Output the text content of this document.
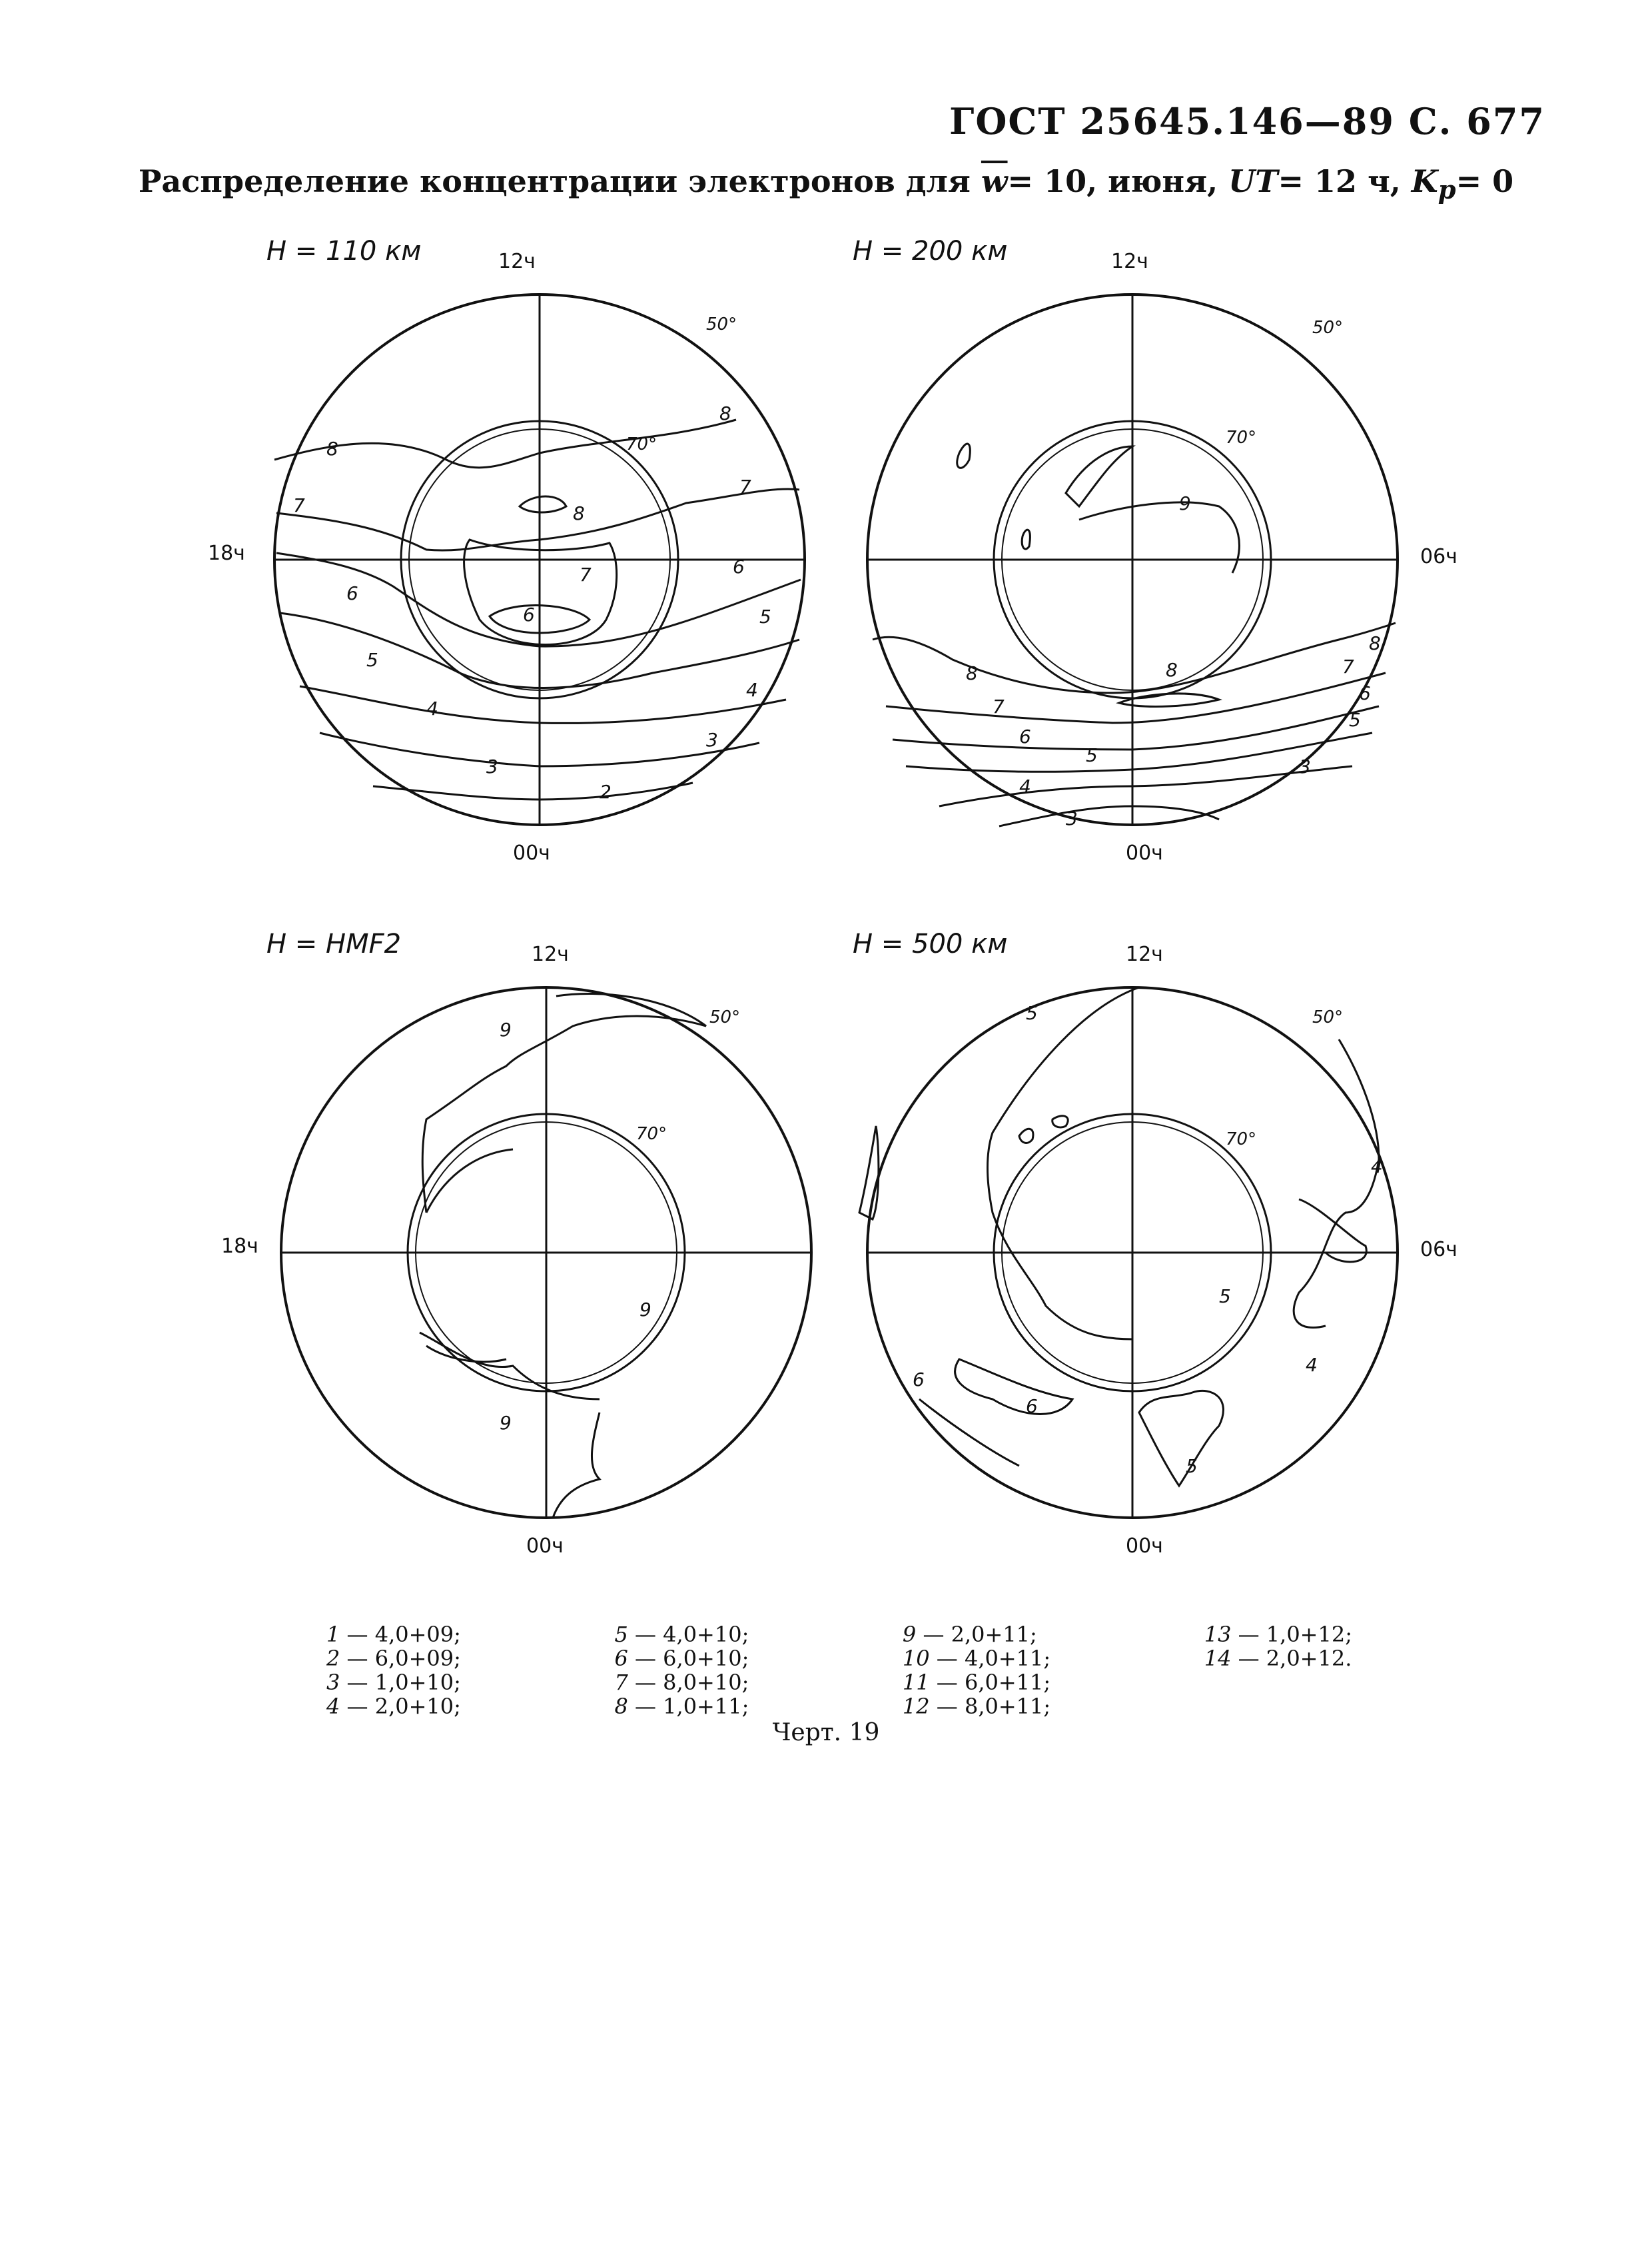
ГОСТ 25645.146—89 С. 677
Распределение концентрации электронов для $\overline{w}= 10$, июня, UT= 12 ч, $K_p= 0$
H = 110 км	12ч
00ч
18ч
50°
70°
8
7
6
5
4
3
8
7
6
5
4
3
2
8
7
6
H = 200 км	12ч
00ч
06ч
50°
70°
9
8
7
6
5
4
3
8
8
7
6
5
3
H = HMF2	12ч
00ч
18ч
50°
70°
9
9
9
H = 500 км	12ч
00ч
06ч
50°
70°
5
4
5
6
6
5
4
1 — 4,0+09;
2 — 6,0+09;
3 — 1,0+10;
4 — 2,0+10;
5 — 4,0+10;
6 — 6,0+10;
7 — 8,0+10;
8 — 1,0+11;
9 — 2,0+11;
10 — 4,0+11;
11 — 6,0+11;
12 — 8,0+11;
13 — 1,0+12;
14 — 2,0+12.
Черт. 19
